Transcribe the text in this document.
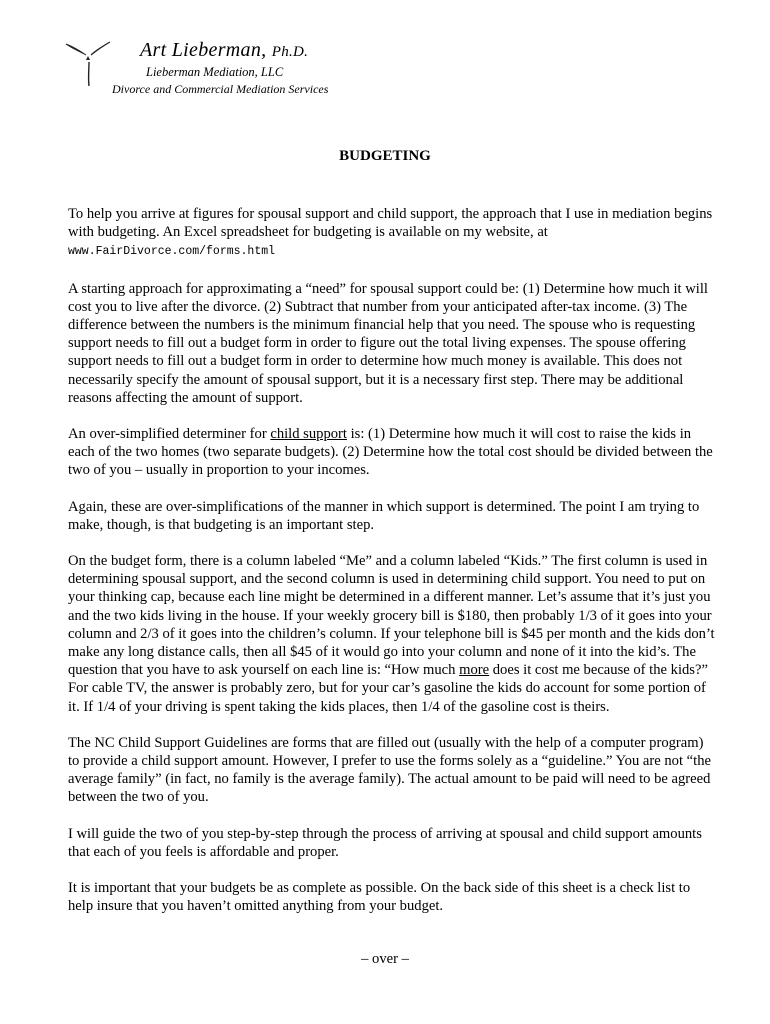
Art Lieberman, Ph.D.
Lieberman Mediation, LLC
Divorce and Commercial Mediation Services
BUDGETING

To help you arrive at figures for spousal support and child support, the approach that I use in mediation begins with budgeting. An Excel spreadsheet for budgeting is available on my website, at
www.FairDivorce.com/forms.html

A starting approach for approximating a “need” for spousal support could be: (1) Determine how much it will cost you to live after the divorce. (2) Subtract that number from your anticipated after-tax income. (3) The difference between the numbers is the minimum financial help that you need. The spouse who is requesting support needs to fill out a budget form in order to figure out the total living expenses. The spouse offering support needs to fill out a budget form in order to determine how much money is available. This does not necessarily specify the amount of spousal support, but it is a necessary first step. There may be additional reasons affecting the amount of support.

An over-simplified determiner for child support is: (1) Determine how much it will cost to raise the kids in each of the two homes (two separate budgets). (2) Determine how the total cost should be divided between the two of you – usually in proportion to your incomes.

Again, these are over-simplifications of the manner in which support is determined. The point I am trying to make, though, is that budgeting is an important step.

On the budget form, there is a column labeled “Me” and a column labeled “Kids.” The first column is used in determining spousal support, and the second column is used in determining child support. You need to put on your thinking cap, because each line might be determined in a different manner. Let’s assume that it’s just you and the two kids living in the house. If your weekly grocery bill is $180, then probably 1/3 of it goes into your column and 2/3 of it goes into the children’s column. If your telephone bill is $45 per month and the kids don’t make any long distance calls, then all $45 of it would go into your column and none of it into the kid’s. The question that you have to ask yourself on each line is: “How much more does it cost me because of the kids?” For cable TV, the answer is probably zero, but for your car’s gasoline the kids do account for some portion of it. If 1/4 of your driving is spent taking the kids places, then 1/4 of the gasoline cost is theirs.

The NC Child Support Guidelines are forms that are filled out (usually with the help of a computer program) to provide a child support amount. However, I prefer to use the forms solely as a “guideline.” You are not “the average family” (in fact, no family is the average family). The actual amount to be paid will need to be agreed between the two of you.

I will guide the two of you step-by-step through the process of arriving at spousal and child support amounts that each of you feels is affordable and proper.

It is important that your budgets be as complete as possible. On the back side of this sheet is a check list to help insure that you haven’t omitted anything from your budget.

– over –
